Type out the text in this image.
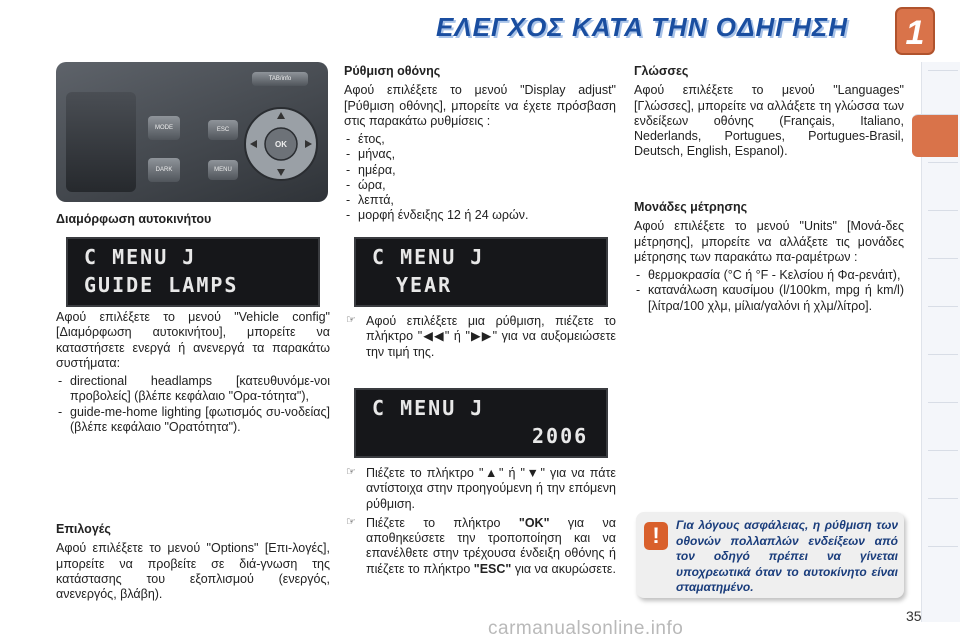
ΕΛΕΓΧΟΣ ΚΑΤΑ ΤΗΝ ΟΔΗΓΗΣΗ 1
TAB/info
MODE
DARK
ESC
MENU
OK
Διαμόρφωση αυτοκινήτου
C MENU J
GUIDE LAMPS

Αφού επιλέξετε το μενού "Vehicle config" [Διαμόρφωση αυτοκινήτου], μπορείτε να καταστήσετε ενεργά ή ανενεργά τα παρακάτω συστήματα:

- directional headlamps [κατευθυνόμε-νοι προβολείς] (βλέπε κεφάλαιο "Ορα-τότητα"),
- guide-me-home lighting [φωτισμός συ-νοδείας] (βλέπε κεφάλαιο "Ορατότητα").
Επιλογές

Αφού επιλέξετε το μενού "Options" [Επι-λογές], μπορείτε να προβείτε σε διά-γνωση της κατάστασης του εξοπλισμού (ενεργός, ανενεργός, βλάβη).

Ρύθμιση οθόνης

Αφού επιλέξετε το μενού "Display adjust" [Ρύθμιση οθόνης], μπορείτε να έχετε πρόσβαση στις παρακάτω ρυθμίσεις :

- έτος,
- μήνας,
- ημέρα,
- ώρα,
- λεπτά,
- μορφή ένδειξης 12 ή 24 ωρών.
C MENU J
YEAR
☞ Αφού επιλέξετε μια ρύθμιση, πιέζετε το πλήκτρο "◀◀" ή "▶▶" για να αυξομειώσετε την τιμή της.
C MENU J
2006
☞ Πιέζετε το πλήκτρο "▲" ή "▼" για να πάτε αντίστοιχα στην προηγούμενη ή την επόμενη ρύθμιση.
☞ Πιέζετε το πλήκτρο "OK" για να αποθηκεύσετε την τροποποίηση και να επανέλθετε στην τρέχουσα ένδειξη οθόνης ή πιέζετε το πλήκτρο "ESC" για να ακυρώσετε.
Γλώσσες

Αφού επιλέξετε το μενού "Languages" [Γλώσσες], μπορείτε να αλλάξετε τη γλώσσα των ενδείξεων οθόνης (Français, Italiano, Nederlands, Portugues, Portugues-Brasil, Deutsch, English, Espanol).

Μονάδες μέτρησης

Αφού επιλέξετε το μενού "Units" [Μονά-δες μέτρησης], μπορείτε να αλλάξετε τις μονάδες μέτρησης των παρακάτω πα-ραμέτρων :

- θερμοκρασία (°C ή °F - Κελσίου ή Φα-ρενάιτ),
- κατανάλωση καυσίμου (l/100km, mpg ή km/l) [λίτρα/100 χλμ, μίλια/γαλόνι ή χλμ/λίτρο].
!	Για λόγους ασφάλειας, η ρύθμιση των οθονών πολλαπλών ενδείξεων από τον οδηγό πρέπει να γίνεται υποχρεωτικά όταν το αυτοκίνητο είναι σταματημένο.
35
carmanualsonline.info
